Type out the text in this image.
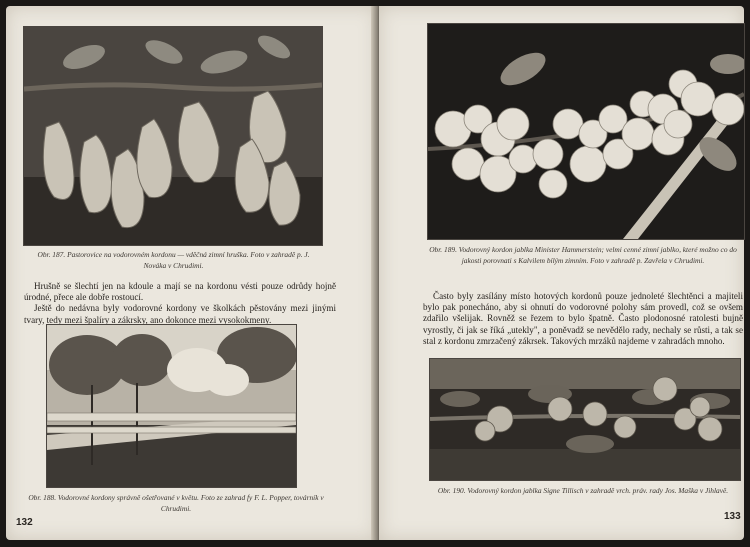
Obr. 187. Pastorovice na vodorovném kordonu — vděčná zimní hruška. Foto v zahradě p. J. Nováka v Chrudimi.

Hrušně se šlechtí jen na kdoule a mají se na kordonu vésti pouze odrůdy hojně úrodné, přece ale dobře rostoucí.

Ještě do nedávna byly vodorovné kordony ve školkách pěstovány mezi jinými tvary, tedy mezi špalíry a zákrsky, ano dokonce mezi vysokokmeny.

Obr. 188. Vodorovné kordony správně ošetřované v květu. Foto ze zahrad fy F. L. Popper, továrník v Chrudimi.
132
Obr. 189. Vodorovný kordon jablka Minister Hammerstein; velmi cenné zimní jablko, které možno co do jakosti porovnati s Kalvilem bílým zimním. Foto v zahradě p. Zavřela v Chrudimi.

Často byly zasílány místo hotových kordonů pouze jednoleté šlechtěnci a majiteli bylo pak ponecháno, aby si ohnutí do vodorovné polohy sám provedl, což se ovšem zdařilo všelijak. Rovněž se řezem to bylo špatně. Často plodonosné ratolesti bujně vyrostly, či jak se říká „utekly", a poněvadž se nevědělo rady, nechaly se růsti, a tak se stal z kordonu zmrzačený zákrsek. Takových mrzáků najdeme v zahradách mnoho.

Obr. 190. Vodorovný kordon jablka Signe Tillisch v zahradě vrch. práv. rady Jos. Maška v Jihlavě.
133
